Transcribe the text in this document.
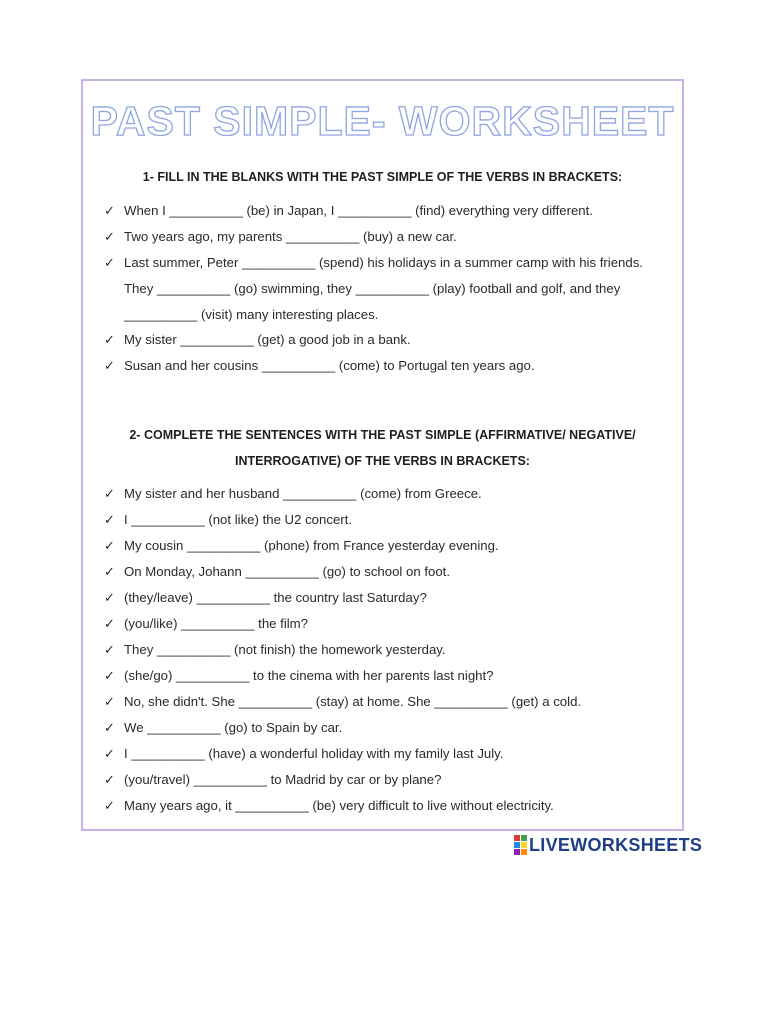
PAST SIMPLE- WORKSHEET
1- FILL IN THE BLANKS WITH THE PAST SIMPLE OF THE VERBS IN BRACKETS:
✓ When I __________ (be) in Japan, I __________ (find) everything very different.
✓ Two years ago, my parents __________ (buy) a new car.
✓ Last summer, Peter __________ (spend) his holidays in a summer camp with his friends.
They __________ (go) swimming, they __________ (play) football and golf, and they
__________ (visit) many interesting places.
✓ My sister __________ (get) a good job in a bank.
✓ Susan and her cousins __________ (come) to Portugal ten years ago.
2- COMPLETE THE SENTENCES WITH THE PAST SIMPLE (AFFIRMATIVE/ NEGATIVE/
INTERROGATIVE) OF THE VERBS IN BRACKETS:
✓ My sister and her husband __________ (come) from Greece.
✓ I __________ (not like) the U2 concert.
✓ My cousin __________ (phone) from France yesterday evening.
✓ On Monday, Johann __________ (go) to school on foot.
✓ (they/leave) __________ the country last Saturday?
✓ (you/like) __________ the film?
✓ They __________ (not finish) the homework yesterday.
✓ (she/go) __________ to the cinema with her parents last night?
✓ No, she didn't. She __________ (stay) at home. She __________ (get) a cold.
✓ We __________ (go) to Spain by car.
✓ I __________ (have) a wonderful holiday with my family last July.
✓ (you/travel) __________ to Madrid by car or by plane?
✓ Many years ago, it __________ (be) very difficult to live without electricity.
LIVEWORKSHEETS
